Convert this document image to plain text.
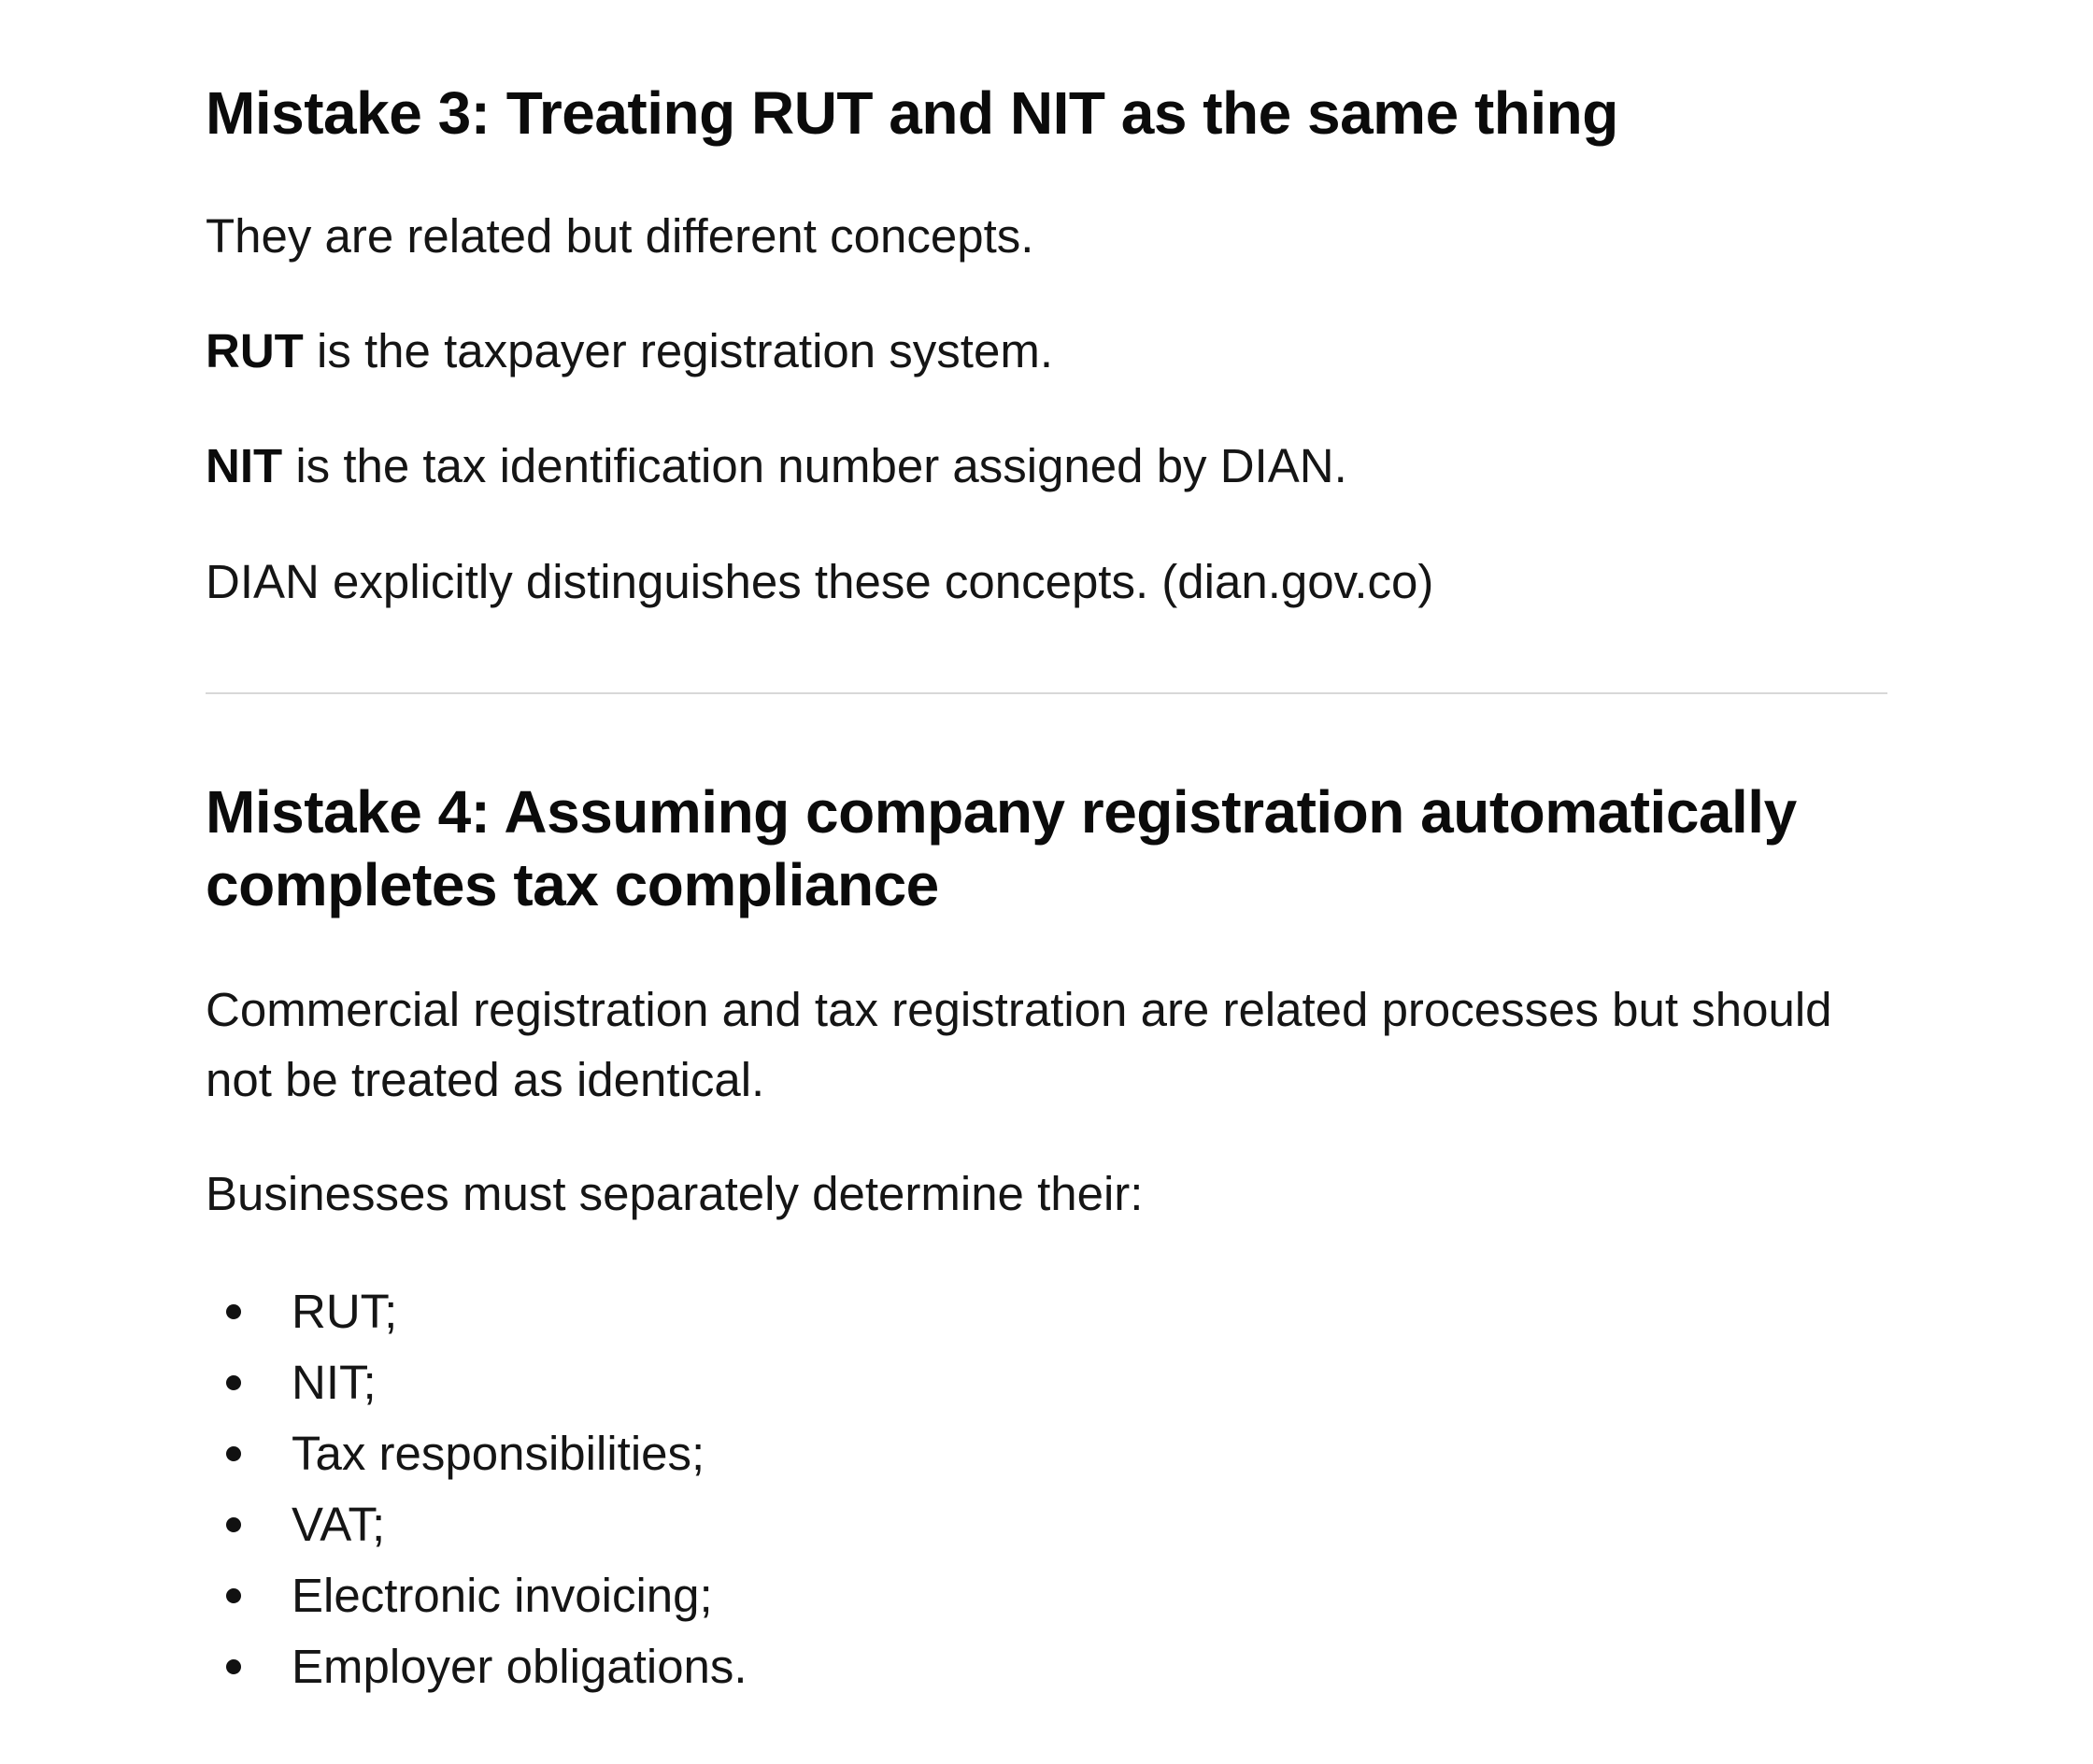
Mistake 3: Treating RUT and NIT as the same thing

They are related but different concepts.

RUT is the taxpayer registration system.

NIT is the tax identification number assigned by DIAN.

DIAN explicitly distinguishes these concepts. (dian.gov.co)

Mistake 4: Assuming company registration automatically completes tax compliance

Commercial registration and tax registration are related processes but should not be treated as identical.

Businesses must separately determine their:

RUT;
NIT;
Tax responsibilities;
VAT;
Electronic invoicing;
Employer obligations.
